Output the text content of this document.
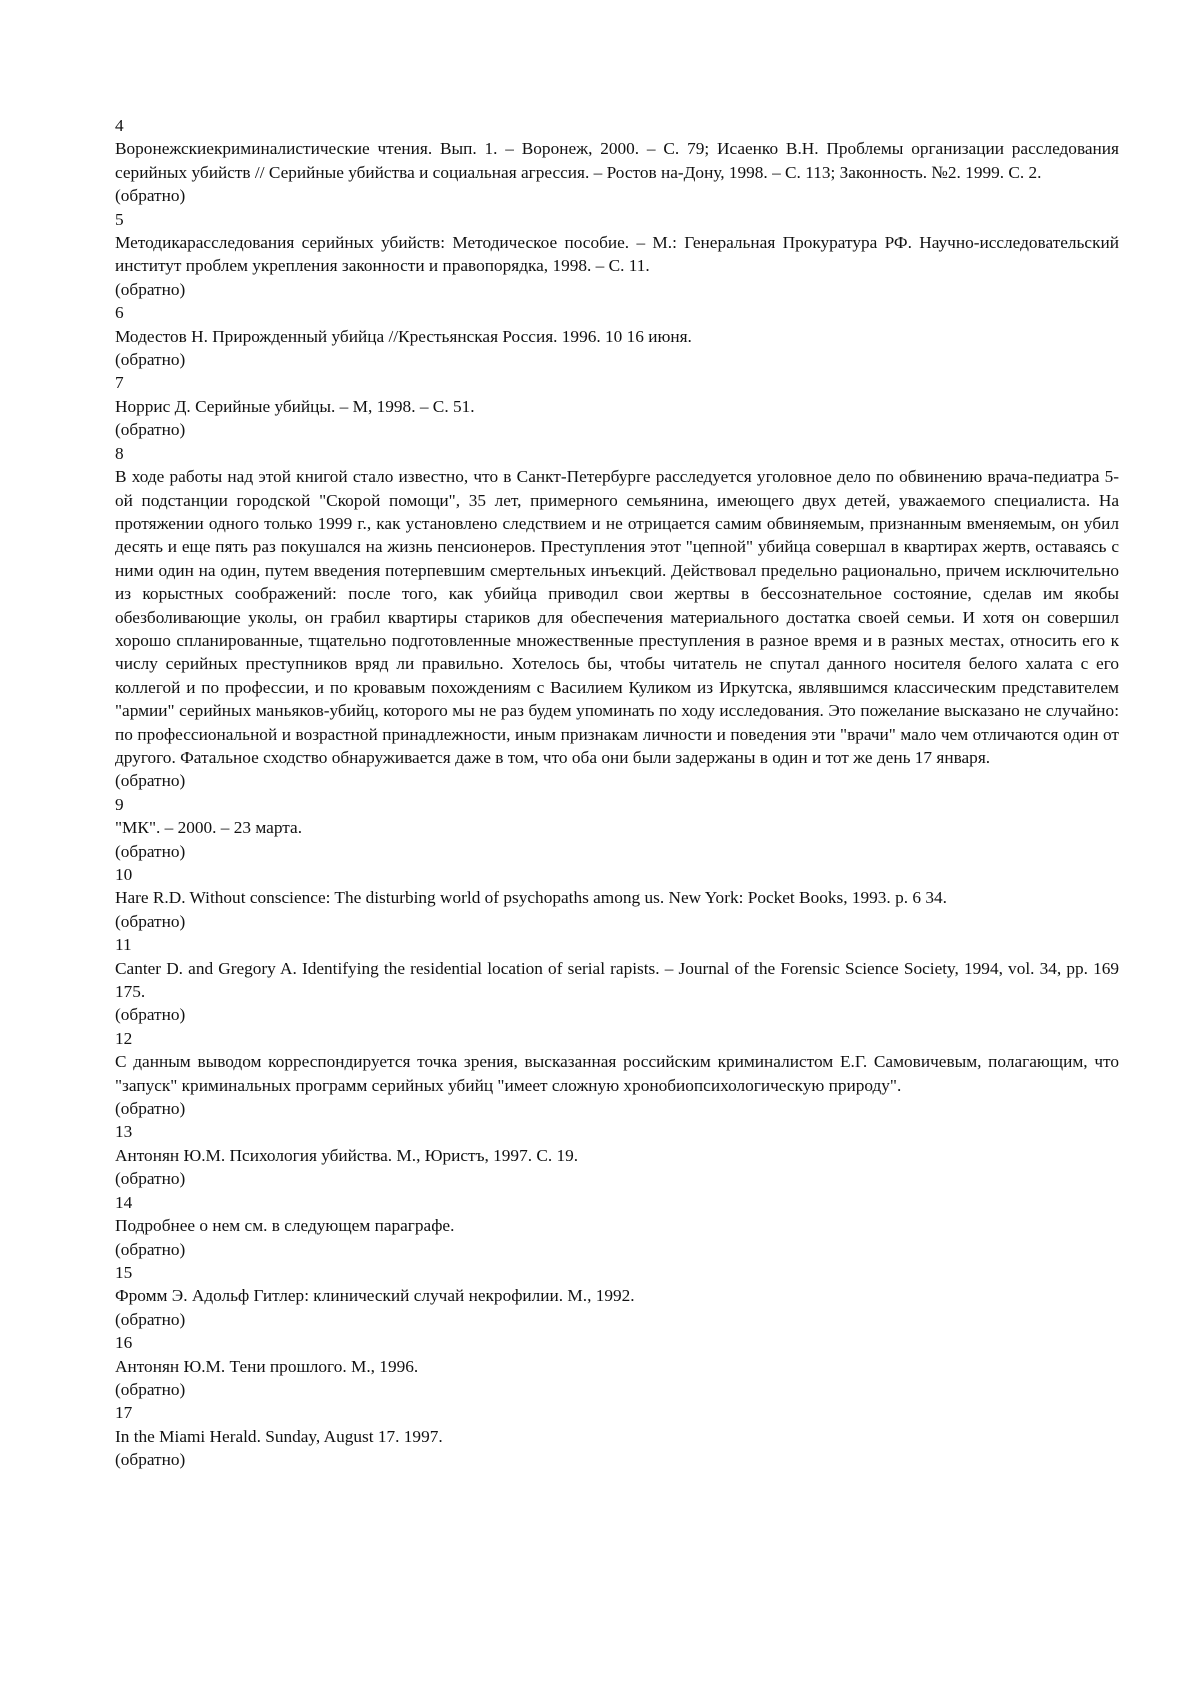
4
Воронежскиекриминалистические чтения. Вып. 1. – Воронеж, 2000. – С. 79; Исаенко В.Н. Проблемы организации расследования серийных убийств // Серийные убийства и социальная агрессия. – Ростов на-Дону, 1998. – С. 113; Законность. №2. 1999. С. 2.
(обратно)
5
Методикарасследования серийных убийств: Методическое пособие. – М.: Генеральная Прокуратура РФ. Научно-исследовательский институт проблем укрепления законности и правопорядка, 1998. – С. 11.
(обратно)
6
Модестов Н. Прирожденный убийца //Крестьянская Россия. 1996. 10 16 июня.
(обратно)
7
Норрис Д. Серийные убийцы. – М, 1998. – С. 51.
(обратно)
8
В ходе работы над этой книгой стало известно, что в Санкт-Петербурге расследуется уголовное дело по обвинению врача-педиатра 5-ой подстанции городской "Скорой помощи", 35 лет, примерного семьянина, имеющего двух детей, уважаемого специалиста. На протяжении одного только 1999 г., как установлено следствием и не отрицается самим обвиняемым, признанным вменяемым, он убил десять и еще пять раз покушался на жизнь пенсионеров. Преступления этот "цепной" убийца совершал в квартирах жертв, оставаясь с ними один на один, путем введения потерпевшим смертельных инъекций. Действовал предельно рационально, причем исключительно из корыстных соображений: после того, как убийца приводил свои жертвы в бессознательное состояние, сделав им якобы обезболивающие уколы, он грабил квартиры стариков для обеспечения материального достатка своей семьи. И хотя он совершил хорошо спланированные, тщательно подготовленные множественные преступления в разное время и в разных местах, относить его к числу серийных преступников вряд ли правильно. Хотелось бы, чтобы читатель не спутал данного носителя белого халата с его коллегой и по профессии, и по кровавым похождениям с Василием Куликом из Иркутска, являвшимся классическим представителем "армии" серийных маньяков-убийц, которого мы не раз будем упоминать по ходу исследования. Это пожелание высказано не случайно: по профессиональной и возрастной принадлежности, иным признакам личности и поведения эти "врачи" мало чем отличаются один от другого. Фатальное сходство обнаруживается даже в том, что оба они были задержаны в один и тот же день 17 января.
(обратно)
9
"МК". – 2000. – 23 марта.
(обратно)
10
Hare R.D. Without conscience: The disturbing world of psychopaths among us. New York: Pocket Books, 1993. p. 6 34.
(обратно)
11
Canter D. and Gregory A. Identifying the residential location of serial rapists. – Journal of the Forensic Science Society, 1994, vol. 34, pp. 169 175.
(обратно)
12
С данным выводом корреспондируется точка зрения, высказанная российским криминалистом Е.Г. Самовичевым, полагающим, что "запуск" криминальных программ серийных убийц "имеет сложную хронобиопсихологическую природу".
(обратно)
13
Антонян Ю.М. Психология убийства. М., Юристъ, 1997. С. 19.
(обратно)
14
Подробнее о нем см. в следующем параграфе.
(обратно)
15
Фромм Э. Адольф Гитлер: клинический случай некрофилии. М., 1992.
(обратно)
16
Антонян Ю.М. Тени прошлого. М., 1996.
(обратно)
17
In the Miami Herald. Sunday, August 17. 1997.
(обратно)
